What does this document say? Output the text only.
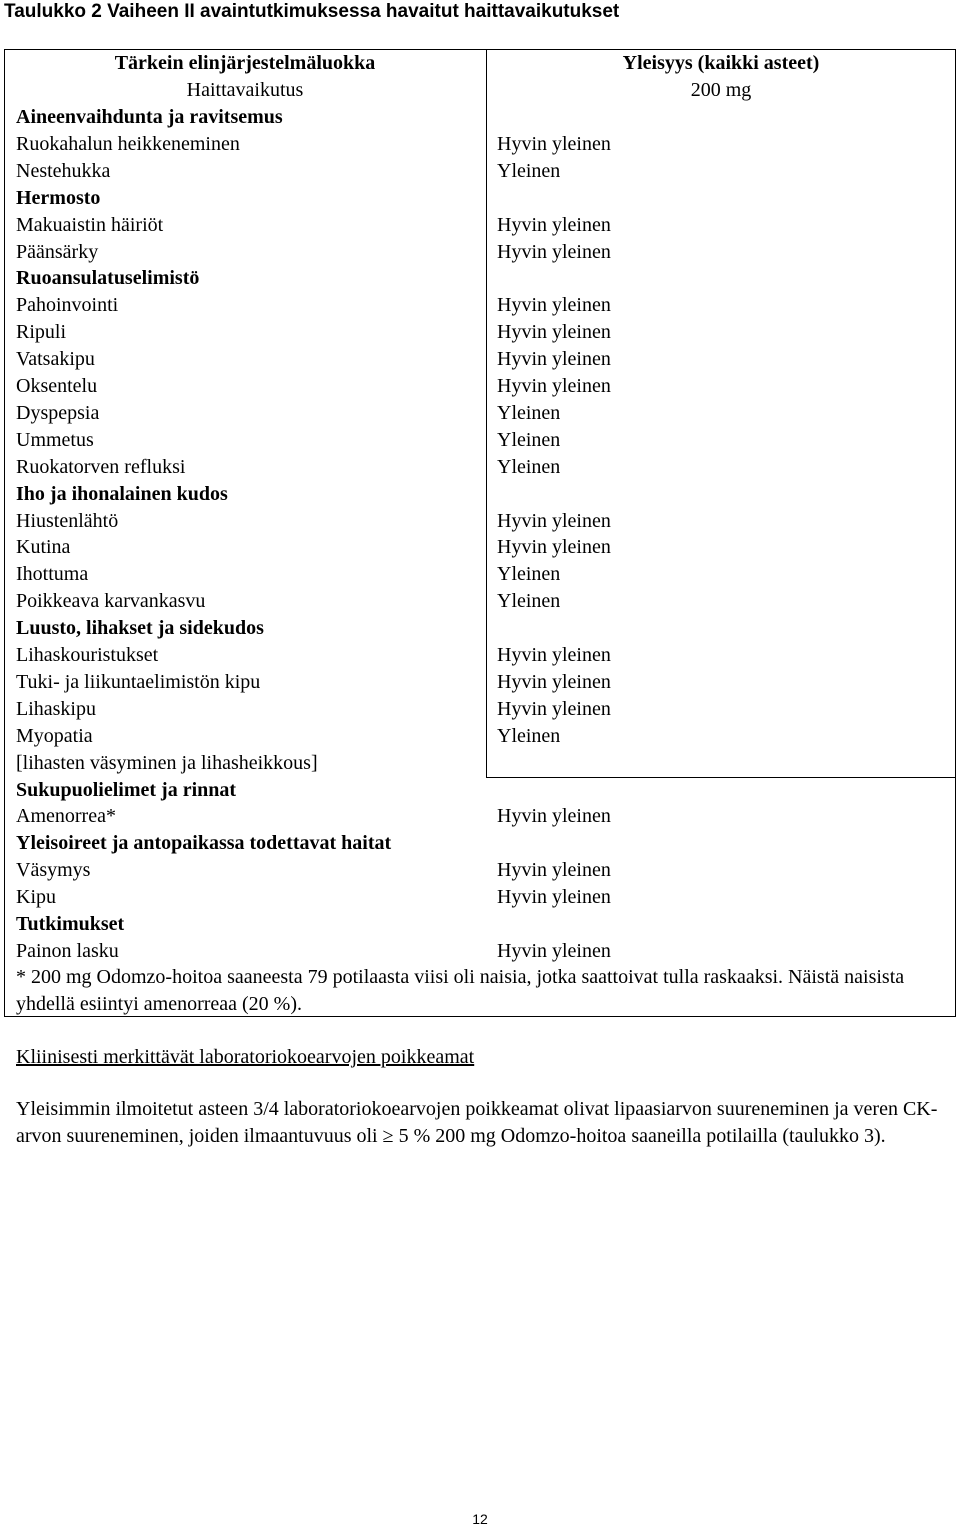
Taulukko 2 Vaiheen II avaintutkimuksessa havaitut haittavaikutukset
Tärkein elinjärjestelmäluokka	Yleisyys (kaikki asteet)
Haittavaikutus	200 mg
Aineenvaihdunta ja ravitsemus
Ruokahalun heikkeneminen	Hyvin yleinen
Nestehukka	Yleinen
Hermosto
Makuaistin häiriöt	Hyvin yleinen
Päänsärky	Hyvin yleinen
Ruoansulatuselimistö
Pahoinvointi	Hyvin yleinen
Ripuli	Hyvin yleinen
Vatsakipu	Hyvin yleinen
Oksentelu	Hyvin yleinen
Dyspepsia	Yleinen
Ummetus	Yleinen
Ruokatorven refluksi	Yleinen
Iho ja ihonalainen kudos
Hiustenlähtö	Hyvin yleinen
Kutina	Hyvin yleinen
Ihottuma	Yleinen
Poikkeava karvankasvu	Yleinen
Luusto, lihakset ja sidekudos
Lihaskouristukset	Hyvin yleinen
Tuki- ja liikuntaelimistön kipu	Hyvin yleinen
Lihaskipu	Hyvin yleinen
Myopatia	Yleinen
[lihasten väsyminen ja lihasheikkous]
Sukupuolielimet ja rinnat
Amenorrea*	Hyvin yleinen
Yleisoireet ja antopaikassa todettavat haitat
Väsymys	Hyvin yleinen
Kipu	Hyvin yleinen
Tutkimukset
Painon lasku	Hyvin yleinen
* 200 mg Odomzo-hoitoa saaneesta 79 potilaasta viisi oli naisia, jotka saattoivat tulla raskaaksi. Näistä naisista yhdellä esiintyi amenorreaa (20 %).
Kliinisesti merkittävät laboratoriokoearvojen poikkeamat
Yleisimmin ilmoitetut asteen 3/4 laboratoriokoearvojen poikkeamat olivat lipaasiarvon suureneminen ja veren CK-arvon suureneminen, joiden ilmaantuvuus oli ≥ 5 % 200 mg Odomzo-hoitoa saaneilla potilailla (taulukko 3).
12
